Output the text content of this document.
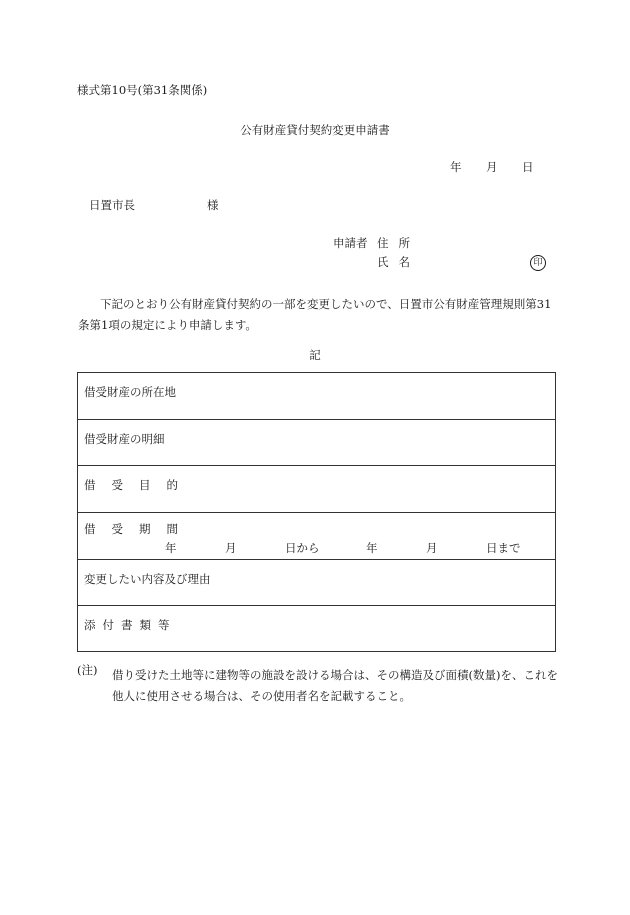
様式第10号(第31条関係)
公有財産貸付契約変更申請書
年 月 日
日置市長	様
申請者 住所
氏名	印
下記のとおり公有財産貸付契約の一部を変更したいので、日置市公有財産管理規則第31条第1項の規定により申請します。
記
借受財産の所在地
借受財産の明細
借受目的
借受期間
年	月	日から	年	月	日まで
変更したい内容及び理由
添付書類等
(注) 借り受けた土地等に建物等の施設を設ける場合は、その構造及び面積(数量)を、これを他人に使用させる場合は、その使用者名を記載すること。
